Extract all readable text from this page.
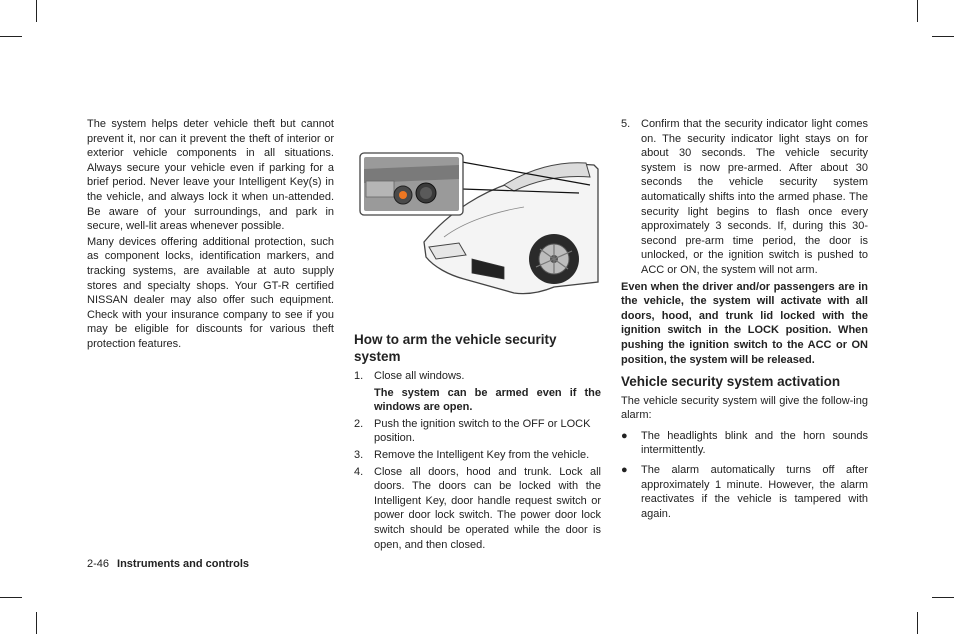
The system helps deter vehicle theft but cannot prevent it, nor can it prevent the theft of interior or exterior vehicle components in all situations. Always secure your vehicle even if parking for a brief period. Never leave your Intelligent Key(s) in the vehicle, and always lock it when un-attended. Be aware of your surroundings, and park in secure, well-lit areas whenever possible.

Many devices offering additional protection, such as component locks, identification markers, and tracking systems, are available at auto supply stores and specialty shops. Your GT-R certified NISSAN dealer may also offer such equipment. Check with your insurance company to see if you may be eligible for discounts for various theft protection features.	How to arm the vehicle security system
1. Close all windows.

The system can be armed even if the windows are open.

2. Push the ignition switch to the OFF or LOCK position.

3. Remove the Intelligent Key from the vehicle.

4. Close all doors, hood and trunk. Lock all doors. The doors can be locked with the Intelligent Key, door handle request switch or power door lock switch. The power door lock switch should be operated while the door is open, and then closed.

5. Confirm that the security indicator light comes on. The security indicator light stays on for about 30 seconds. The vehicle security system is now pre-armed. After about 30 seconds the vehicle security system automatically shifts into the armed phase. The security light begins to flash once every approximately 3 seconds. If, during this 30-second pre-arm time period, the door is unlocked, or the ignition switch is pushed to ACC or ON, the system will not arm.

Even when the driver and/or passengers are in the vehicle, the system will activate with all doors, hood, and trunk lid locked with the ignition switch in the LOCK position. When pushing the ignition switch to the ACC or ON position, the system will be released.

Vehicle security system activation

The vehicle security system will give the follow-ing alarm:

● The headlights blink and the horn sounds intermittently.

● The alarm automatically turns off after approximately 1 minute. However, the alarm reactivates if the vehicle is tampered with again.

2-46 Instruments and controls
